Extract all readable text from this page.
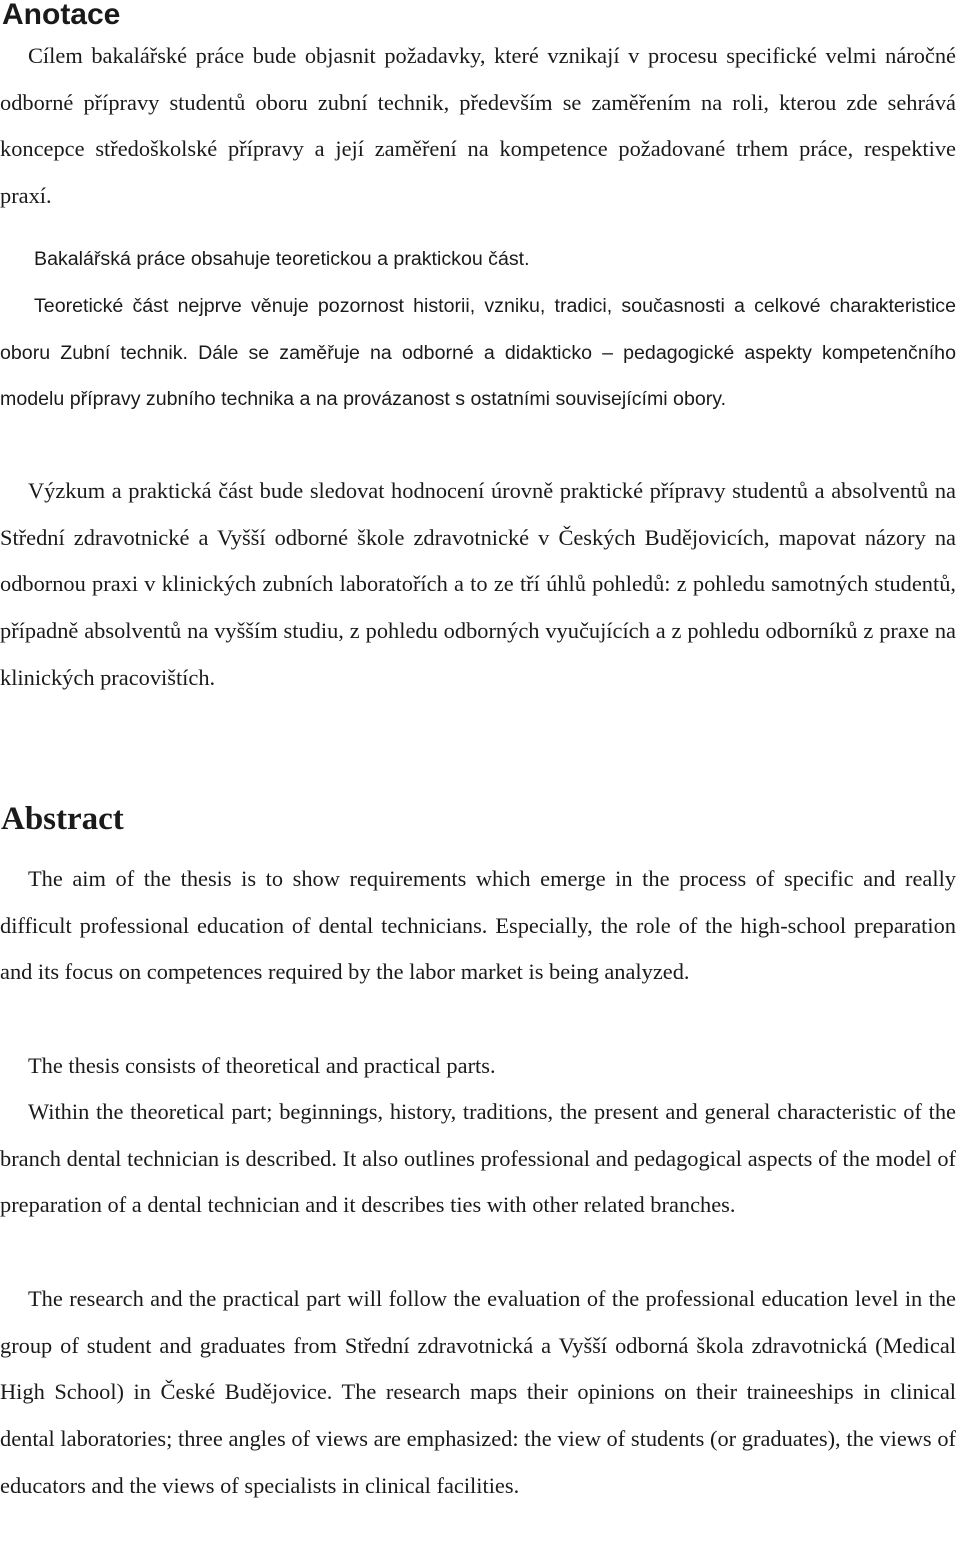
Anotace

Cílem bakalářské práce bude objasnit požadavky, které vznikají v procesu specifické velmi náročné odborné přípravy studentů oboru zubní technik, především se zaměřením na roli, kterou zde sehrává koncepce středoškolské přípravy a její zaměření na kompetence požadované trhem práce, respektive praxí.

Bakalářská práce obsahuje teoretickou a praktickou část.

Teoretické část nejprve věnuje pozornost historii, vzniku, tradici, současnosti a celkové charakteristice oboru Zubní technik. Dále se zaměřuje na odborné a didakticko – pedagogické aspekty kompetenčního modelu přípravy zubního technika a na provázanost s ostatními souvisejícími obory.

Výzkum a praktická část bude sledovat hodnocení úrovně praktické přípravy studentů a absolventů na Střední zdravotnické a Vyšší odborné škole zdravotnické v Českých Budějovicích, mapovat názory na odbornou praxi v klinických zubních laboratořích a to ze tří úhlů pohledů: z pohledu samotných studentů, případně absolventů na vyšším studiu, z pohledu odborných vyučujících a z pohledu odborníků z praxe na klinických pracovištích.

Abstract

The aim of the thesis is to show requirements which emerge in the process of specific and really difficult professional education of dental technicians. Especially, the role of the high-school preparation and its focus on competences required by the labor market is being analyzed.

The thesis consists of theoretical and practical parts.

Within the theoretical part; beginnings, history, traditions, the present and general characteristic of the branch dental technician is described. It also outlines professional and pedagogical aspects of the model of preparation of a dental technician and it describes ties with other related branches.

The research and the practical part will follow the evaluation of the professional education level in the group of student and graduates from Střední zdravotnická a Vyšší odborná škola zdravotnická (Medical High School) in České Budějovice. The research maps their opinions on their traineeships in clinical dental laboratories; three angles of views are emphasized: the view of students (or graduates), the views of educators and the views of specialists in clinical facilities.
